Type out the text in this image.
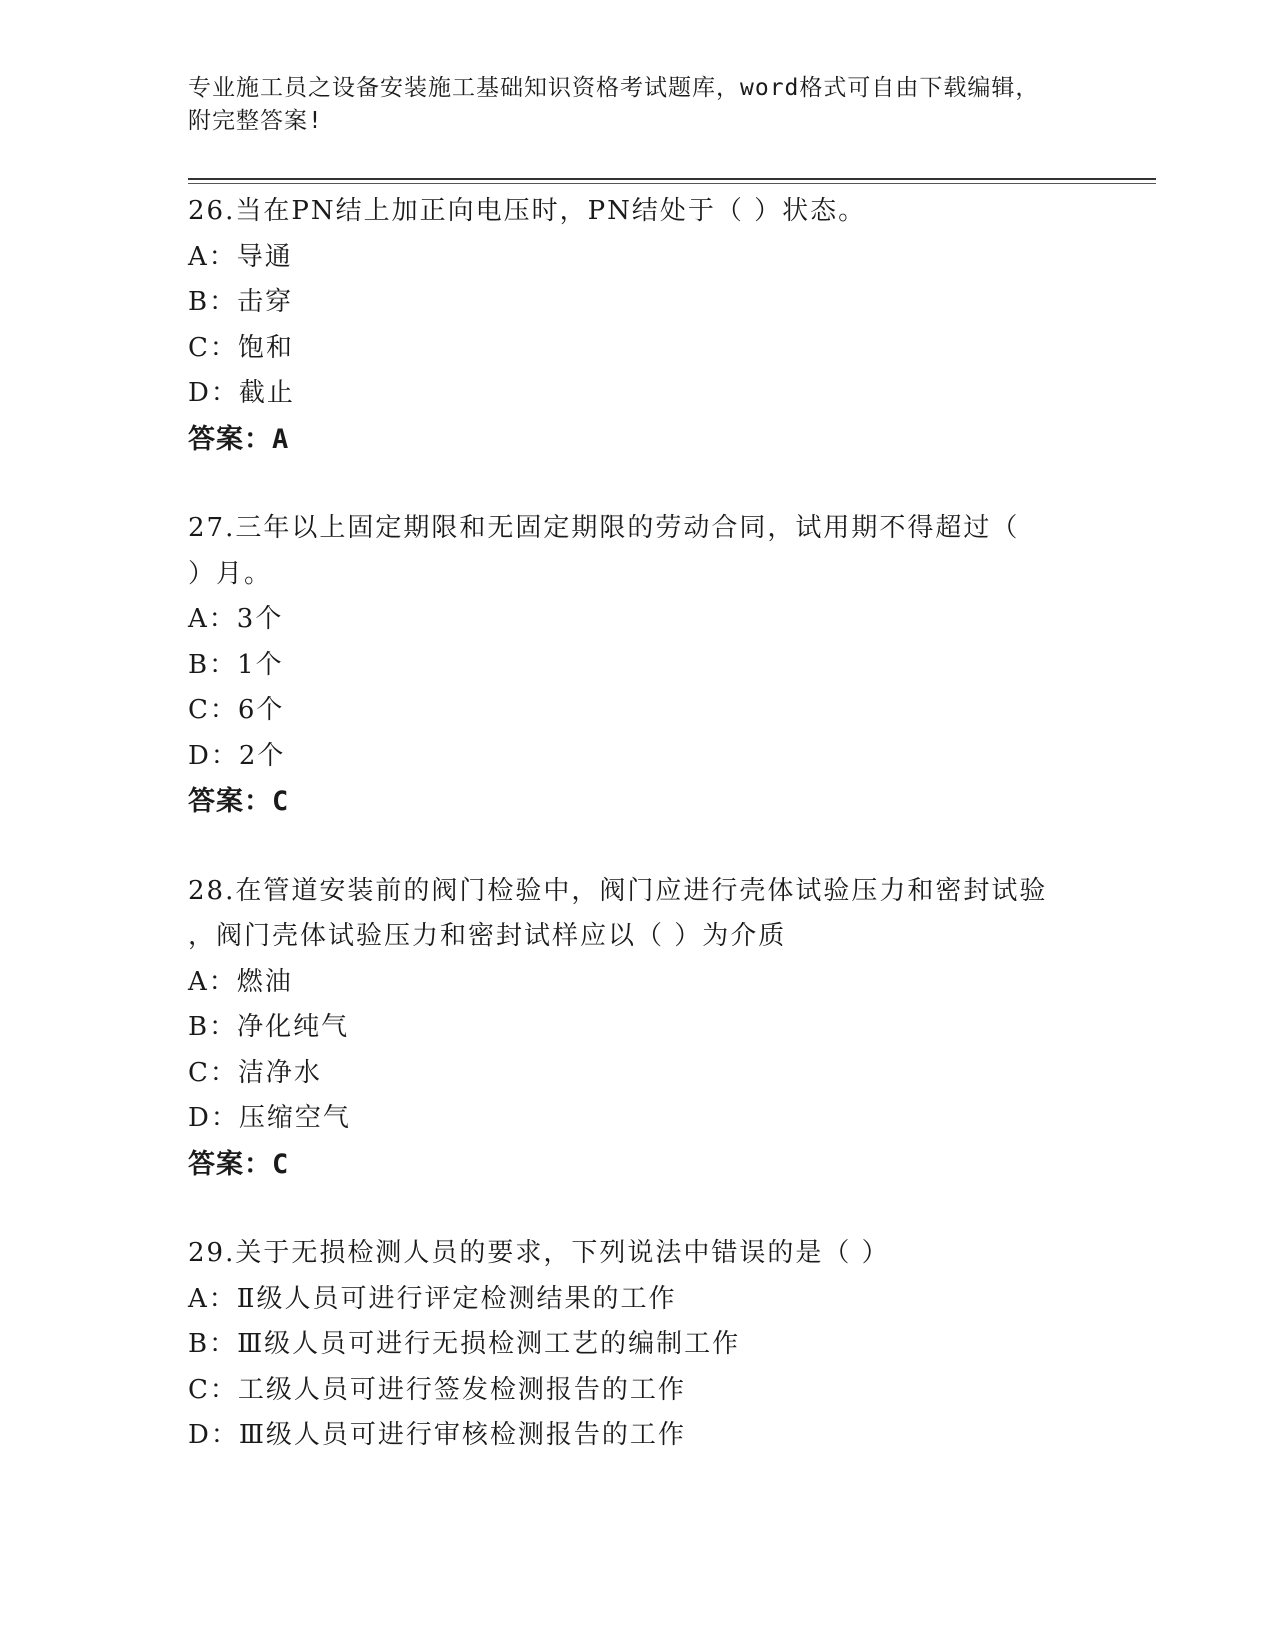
专业施工员之设备安装施工基础知识资格考试题库，word格式可自由下载编辑，
附完整答案!
26.当在PN结上加正向电压时，PN结处于（ ）状态。
A：导通
B：击穿
C：饱和
D：截止
答案：A
27.三年以上固定期限和无固定期限的劳动合同，试用期不得超过（
）月。
A：3个
B：1个
C：6个
D：2个
答案：C
28.在管道安装前的阀门检验中，阀门应进行壳体试验压力和密封试验
，阀门壳体试验压力和密封试样应以（ ）为介质
A：燃油
B：净化纯气
C：洁净水
D：压缩空气
答案：C
29.关于无损检测人员的要求，下列说法中错误的是（ ）
A：Ⅱ级人员可进行评定检测结果的工作
B：Ⅲ级人员可进行无损检测工艺的编制工作
C：工级人员可进行签发检测报告的工作
D：Ⅲ级人员可进行审核检测报告的工作
